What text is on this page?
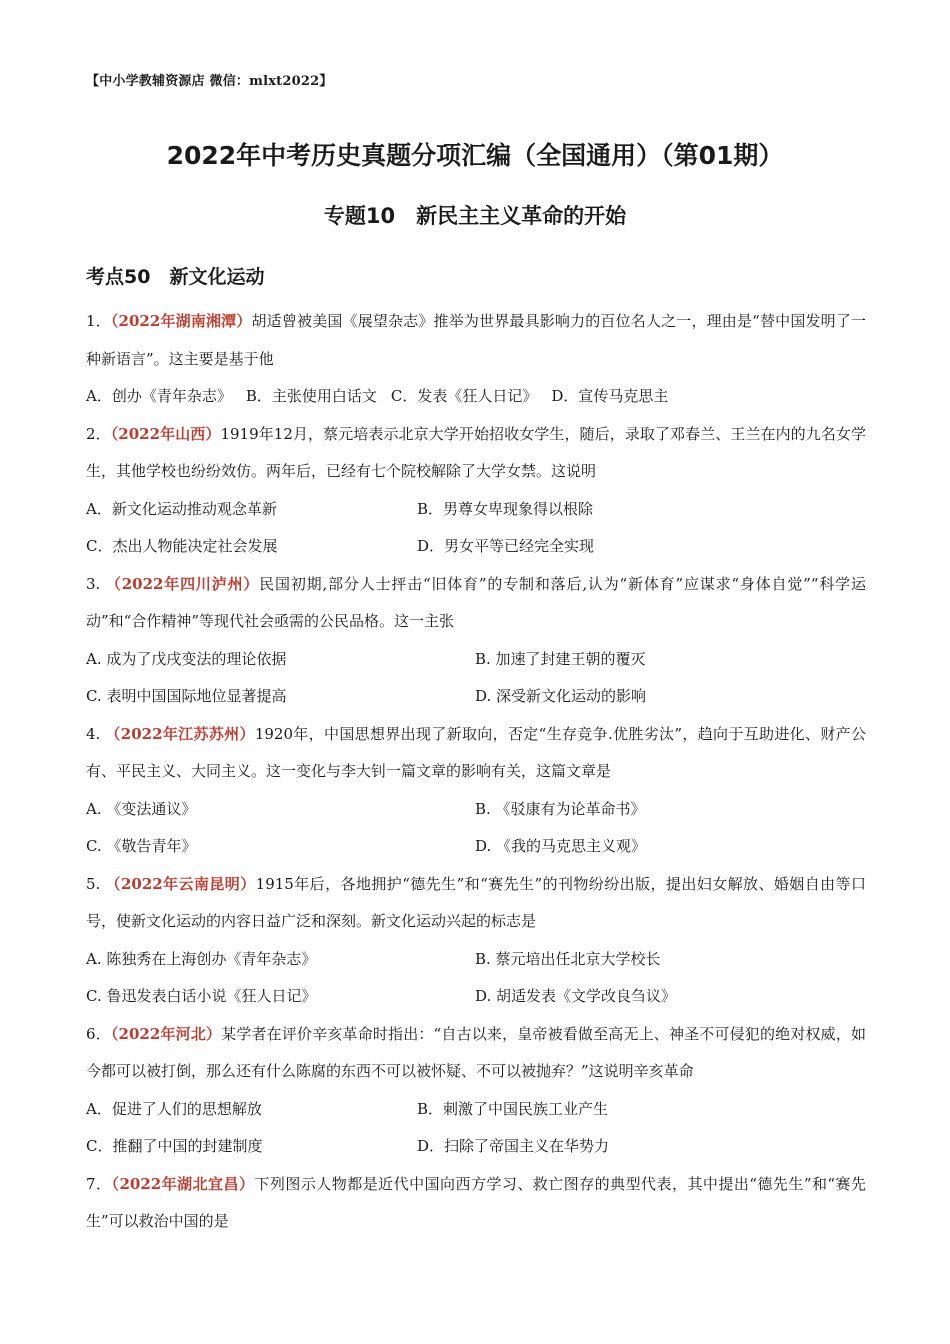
【中小学教辅资源店 微信：mlxt2022】
2022年中考历史真题分项汇编（全国通用）（第01期）
专题10　新民主主义革命的开始
考点50　新文化运动

1．（2022年湖南湘潭）胡适曾被美国《展望杂志》推举为世界最具影响力的百位名人之一，理由是“替中国发明了一种新语言”。这主要是基于他

A．创办《青年杂志》 B．主张使用白话文 C．发表《狂人日记》 D．宣传马克思主

2．（2022年山西）1919年12月，蔡元培表示北京大学开始招收女学生，随后，录取了邓春兰、王兰在内的九名女学生，其他学校也纷纷效仿。两年后，已经有七个院校解除了大学女禁。这说明

A．新文化运动推动观念革新	B．男尊女卑现象得以根除
C．杰出人物能决定社会发展	D．男女平等已经完全实现

3. （2022年四川泸州）民国初期,部分人士抨击“旧体育”的专制和落后,认为“新体育”应谋求“身体自觉”“科学运动”和“合作精神”等现代社会亟需的公民品格。这一主张

A. 成为了戊戌变法的理论依据	B. 加速了封建王朝的覆灭
C. 表明中国国际地位显著提高	D. 深受新文化运动的影响

4. （2022年江苏苏州）1920年，中国思想界出现了新取向，否定“生存竞争.优胜劣汰”，趋向于互助进化、财产公有、平民主义、大同主义。这一变化与李大钊一篇文章的影响有关，这篇文章是

A. 《变法通议》	B. 《驳康有为论革命书》
C. 《敬告青年》	D. 《我的马克思主义观》

5. （2022年云南昆明）1915年后，各地拥护“德先生”和“赛先生”的刊物纷纷出版，提出妇女解放、婚姻自由等口号，使新文化运动的内容日益广泛和深刻。新文化运动兴起的标志是

A. 陈独秀在上海创办《青年杂志》	B. 蔡元培出任北京大学校长
C. 鲁迅发表白话小说《狂人日记》	D. 胡适发表《文学改良刍议》

6．（2022年河北）某学者在评价辛亥革命时指出：“自古以来，皇帝被看做至高无上、神圣不可侵犯的绝对权威，如今都可以被打倒，那么还有什么陈腐的东西不可以被怀疑、不可以被抛弃？”这说明辛亥革命

A．促进了人们的思想解放	B．刺激了中国民族工业产生
C．推翻了中国的封建制度	D．扫除了帝国主义在华势力

7．（2022年湖北宜昌）下列图示人物都是近代中国向西方学习、救亡图存的典型代表，其中提出“德先生”和“赛先生”可以救治中国的是
